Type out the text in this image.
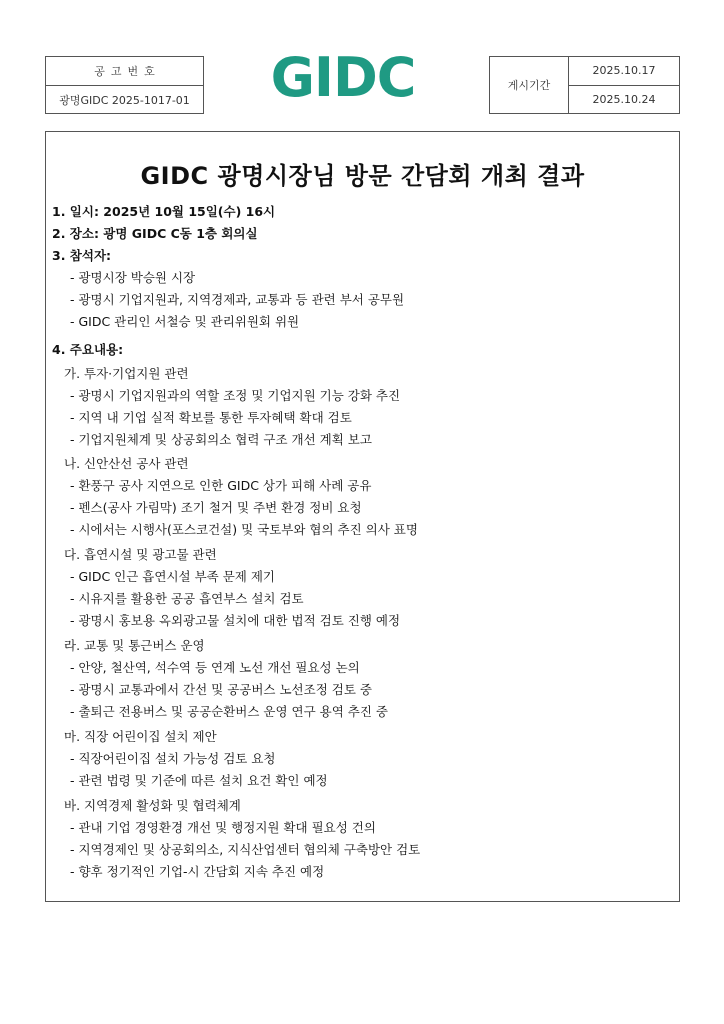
공고번호
광명GIDC 2025-1017-01 GIDC	게시기간
2025.10.17
2025.10.24
GIDC 광명시장님 방문 간담회 개최 결과
1. 일시: 2025년 10월 15일(수) 16시
2. 장소: 광명 GIDC C동 1층 회의실
3. 참석자:
- 광명시장 박승원 시장
- 광명시 기업지원과, 지역경제과, 교통과 등 관련 부서 공무원
- GIDC 관리인 서철승 및 관리위원회 위원
4. 주요내용:
가. 투자·기업지원 관련
- 광명시 기업지원과의 역할 조정 및 기업지원 기능 강화 추진
- 지역 내 기업 실적 확보를 통한 투자혜택 확대 검토
- 기업지원체계 및 상공회의소 협력 구조 개선 계획 보고
나. 신안산선 공사 관련
- 환풍구 공사 지연으로 인한 GIDC 상가 피해 사례 공유
- 펜스(공사 가림막) 조기 철거 및 주변 환경 정비 요청
- 시에서는 시행사(포스코건설) 및 국토부와 협의 추진 의사 표명
다. 흡연시설 및 광고물 관련
- GIDC 인근 흡연시설 부족 문제 제기
- 시유지를 활용한 공공 흡연부스 설치 검토
- 광명시 홍보용 옥외광고물 설치에 대한 법적 검토 진행 예정
라. 교통 및 통근버스 운영
- 안양, 철산역, 석수역 등 연계 노선 개선 필요성 논의
- 광명시 교통과에서 간선 및 공공버스 노선조정 검토 중
- 출퇴근 전용버스 및 공공순환버스 운영 연구 용역 추진 중
마. 직장 어린이집 설치 제안
- 직장어린이집 설치 가능성 검토 요청
- 관련 법령 및 기준에 따른 설치 요건 확인 예정
바. 지역경제 활성화 및 협력체계
- 관내 기업 경영환경 개선 및 행정지원 확대 필요성 건의
- 지역경제인 및 상공회의소, 지식산업센터 협의체 구축방안 검토
- 향후 정기적인 기업-시 간담회 지속 추진 예정
